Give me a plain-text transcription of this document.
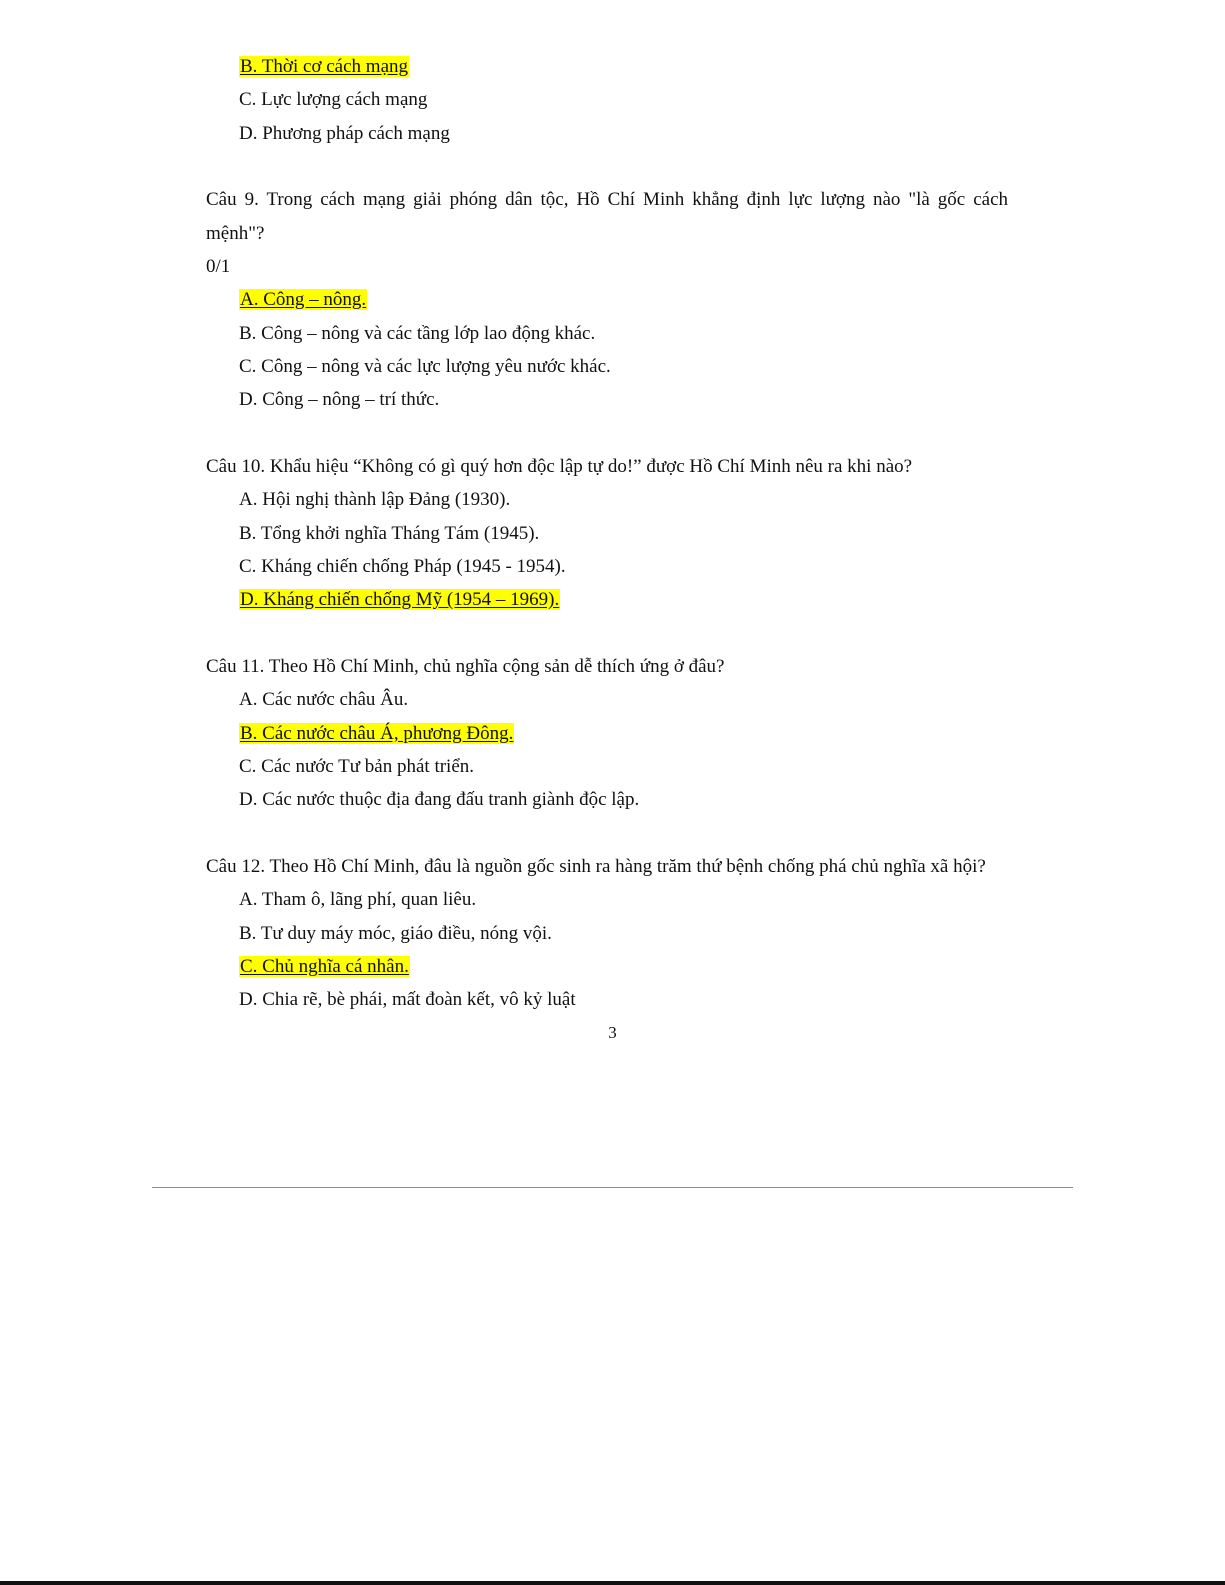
B. Thời cơ cách mạng
C. Lực lượng cách mạng
D. Phương pháp cách mạng
Câu 9. Trong cách mạng giải phóng dân tộc, Hồ Chí Minh khẳng định lực lượng nào "là gốc cách
mệnh"?
0/1
A. Công – nông.
B. Công – nông và các tầng lớp lao động khác.
C. Công – nông và các lực lượng yêu nước khác.
D. Công – nông – trí thức.
Câu 10. Khẩu hiệu “Không có gì quý hơn độc lập tự do!” được Hồ Chí Minh nêu ra khi nào?
A. Hội nghị thành lập Đảng (1930).
B. Tổng khởi nghĩa Tháng Tám (1945).
C. Kháng chiến chống Pháp (1945 - 1954).
D. Kháng chiến chống Mỹ (1954 – 1969).
Câu 11. Theo Hồ Chí Minh, chủ nghĩa cộng sản dễ thích ứng ở đâu?
A. Các nước châu Âu.
B. Các nước châu Á, phương Đông.
C. Các nước Tư bản phát triển.
D. Các nước thuộc địa đang đấu tranh giành độc lập.
Câu 12. Theo Hồ Chí Minh, đâu là nguồn gốc sinh ra hàng trăm thứ bệnh chống phá chủ nghĩa xã hội?
A. Tham ô, lãng phí, quan liêu.
B. Tư duy máy móc, giáo điều, nóng vội.
C. Chủ nghĩa cá nhân.
D. Chia rẽ, bè phái, mất đoàn kết, vô kỷ luật
3
